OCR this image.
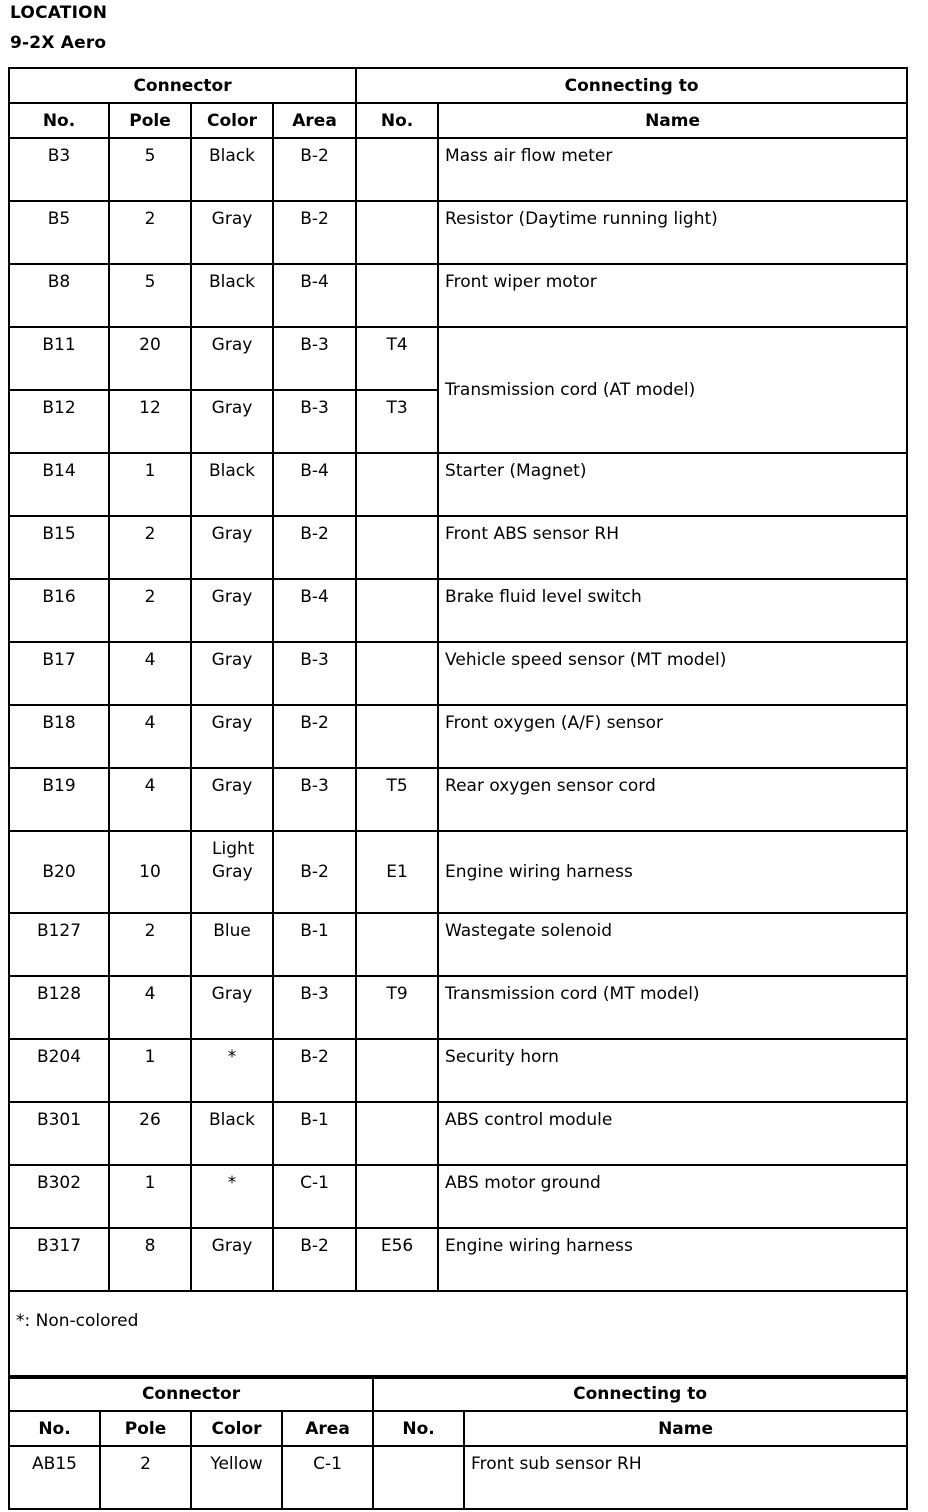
LOCATION
9-2X Aero
Connector				Connecting to	
No.	Pole	Color	Area	No.	Name
B3	5	Black	B-2		Mass air flow meter
B5	2	Gray	B-2		Resistor (Daytime running light)
B8	5	Black	B-4		Front wiper motor
B11	20	Gray	B-3	T4	Transmission cord (AT model)
B12	12	Gray	B-3	T3	
B14	1	Black	B-4		Starter (Magnet)
B15	2	Gray	B-2		Front ABS sensor RH
B16	2	Gray	B-4		Brake fluid level switch
B17	4	Gray	B-3		Vehicle speed sensor (MT model)
B18	4	Gray	B-2		Front oxygen (A/F) sensor
B19	4	Gray	B-3	T5	Rear oxygen sensor cord
B20	10	Light Gray	B-2	E1	Engine wiring harness
B127	2	Blue	B-1		Wastegate solenoid
B128	4	Gray	B-3	T9	Transmission cord (MT model)
B204	1	*	B-2		Security horn
B301	26	Black	B-1		ABS control module
B302	1	*	C-1		ABS motor ground
B317	8	Gray	B-2	E56	Engine wiring harness
*: Non-colored					
Connector				Connecting to	
No.	Pole	Color	Area	No.	Name
AB15	2	Yellow	C-1		Front sub sensor RH
